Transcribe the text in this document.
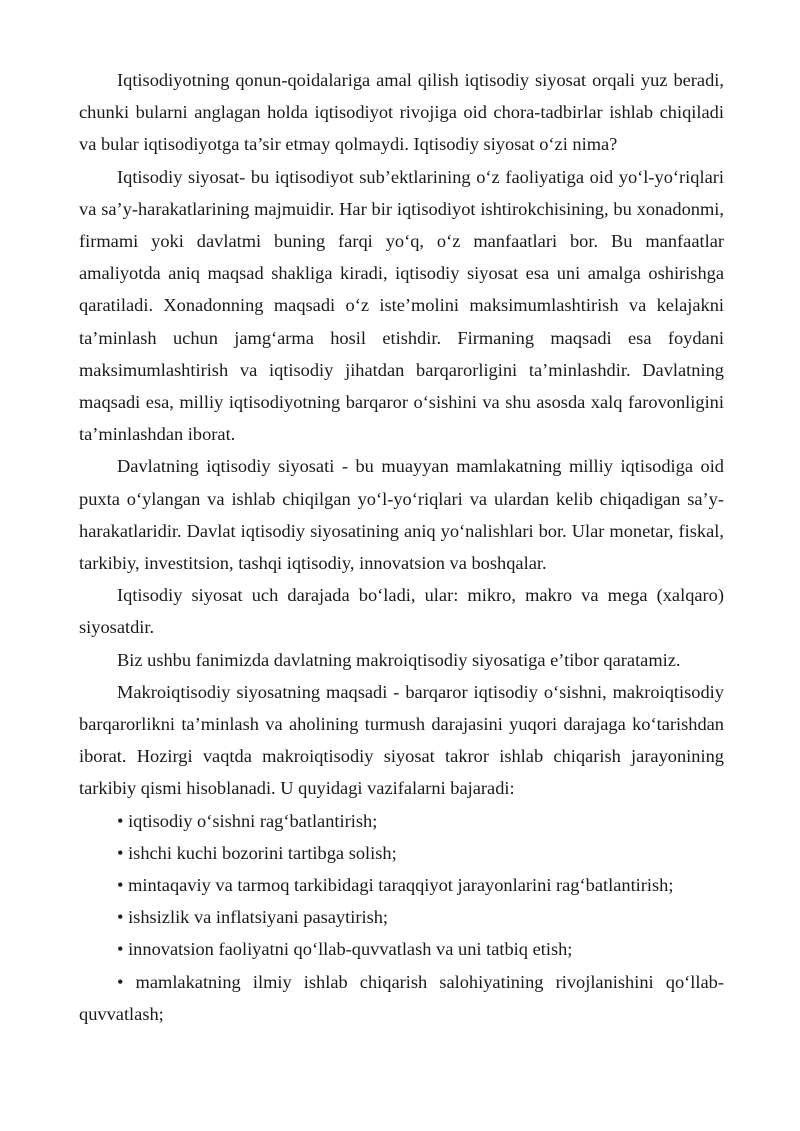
Iqtisodiyotning qonun-qoidalariga amal qilish iqtisodiy siyosat orqali yuz beradi, chunki bularni anglagan holda iqtisodiyot rivojiga oid chora-tadbirlar ishlab chiqiladi va bular iqtisodiyotga ta’sir etmay qolmaydi. Iqtisodiy siyosat o‘zi nima?

Iqtisodiy siyosat- bu iqtisodiyot sub’ektlarining o‘z faoliyatiga oid yo‘l-yo‘riqlari va sa’y-harakatlarining majmuidir. Har bir iqtisodiyot ishtirokchisining, bu xonadonmi, firmami yoki davlatmi buning farqi yo‘q, o‘z manfaatlari bor. Bu manfaatlar amaliyotda aniq maqsad shakliga kiradi, iqtisodiy siyosat esa uni amalga oshirishga qaratiladi. Xonadonning maqsadi o‘z iste’molini maksimumlashtirish va kelajakni ta’minlash uchun jamg‘arma hosil etishdir. Firmaning maqsadi esa foydani maksimumlashtirish va iqtisodiy jihatdan barqarorligini ta’minlashdir. Davlatning maqsadi esa, milliy iqtisodiyotning barqaror o‘sishini va shu asosda xalq farovonligini ta’minlashdan iborat.

Davlatning iqtisodiy siyosati - bu muayyan mamlakatning milliy iqtisodiga oid puxta o‘ylangan va ishlab chiqilgan yo‘l-yo‘riqlari va ulardan kelib chiqadigan sa’y-harakatlaridir. Davlat iqtisodiy siyosatining aniq yo‘nalishlari bor. Ular monetar, fiskal, tarkibiy, investitsion, tashqi iqtisodiy, innovatsion va boshqalar.

Iqtisodiy siyosat uch darajada bo‘ladi, ular: mikro, makro va mega (xalqaro) siyosatdir.

Biz ushbu fanimizda davlatning makroiqtisodiy siyosatiga e’tibor qaratamiz.

Makroiqtisodiy siyosatning maqsadi - barqaror iqtisodiy o‘sishni, makroiqtisodiy barqarorlikni ta’minlash va aholining turmush darajasini yuqori darajaga ko‘tarishdan iborat. Hozirgi vaqtda makroiqtisodiy siyosat takror ishlab chiqarish jarayonining tarkibiy qismi hisoblanadi. U quyidagi vazifalarni bajaradi:

• iqtisodiy o‘sishni rag‘batlantirish;
• ishchi kuchi bozorini tartibga solish;
• mintaqaviy va tarmoq tarkibidagi taraqqiyot jarayonlarini rag‘batlantirish;
• ishsizlik va inflatsiyani pasaytirish;
• innovatsion faoliyatni qo‘llab-quvvatlash va uni tatbiq etish;
• mamlakatning ilmiy ishlab chiqarish salohiyatining rivojlanishini qo‘llab-quvvatlash;
